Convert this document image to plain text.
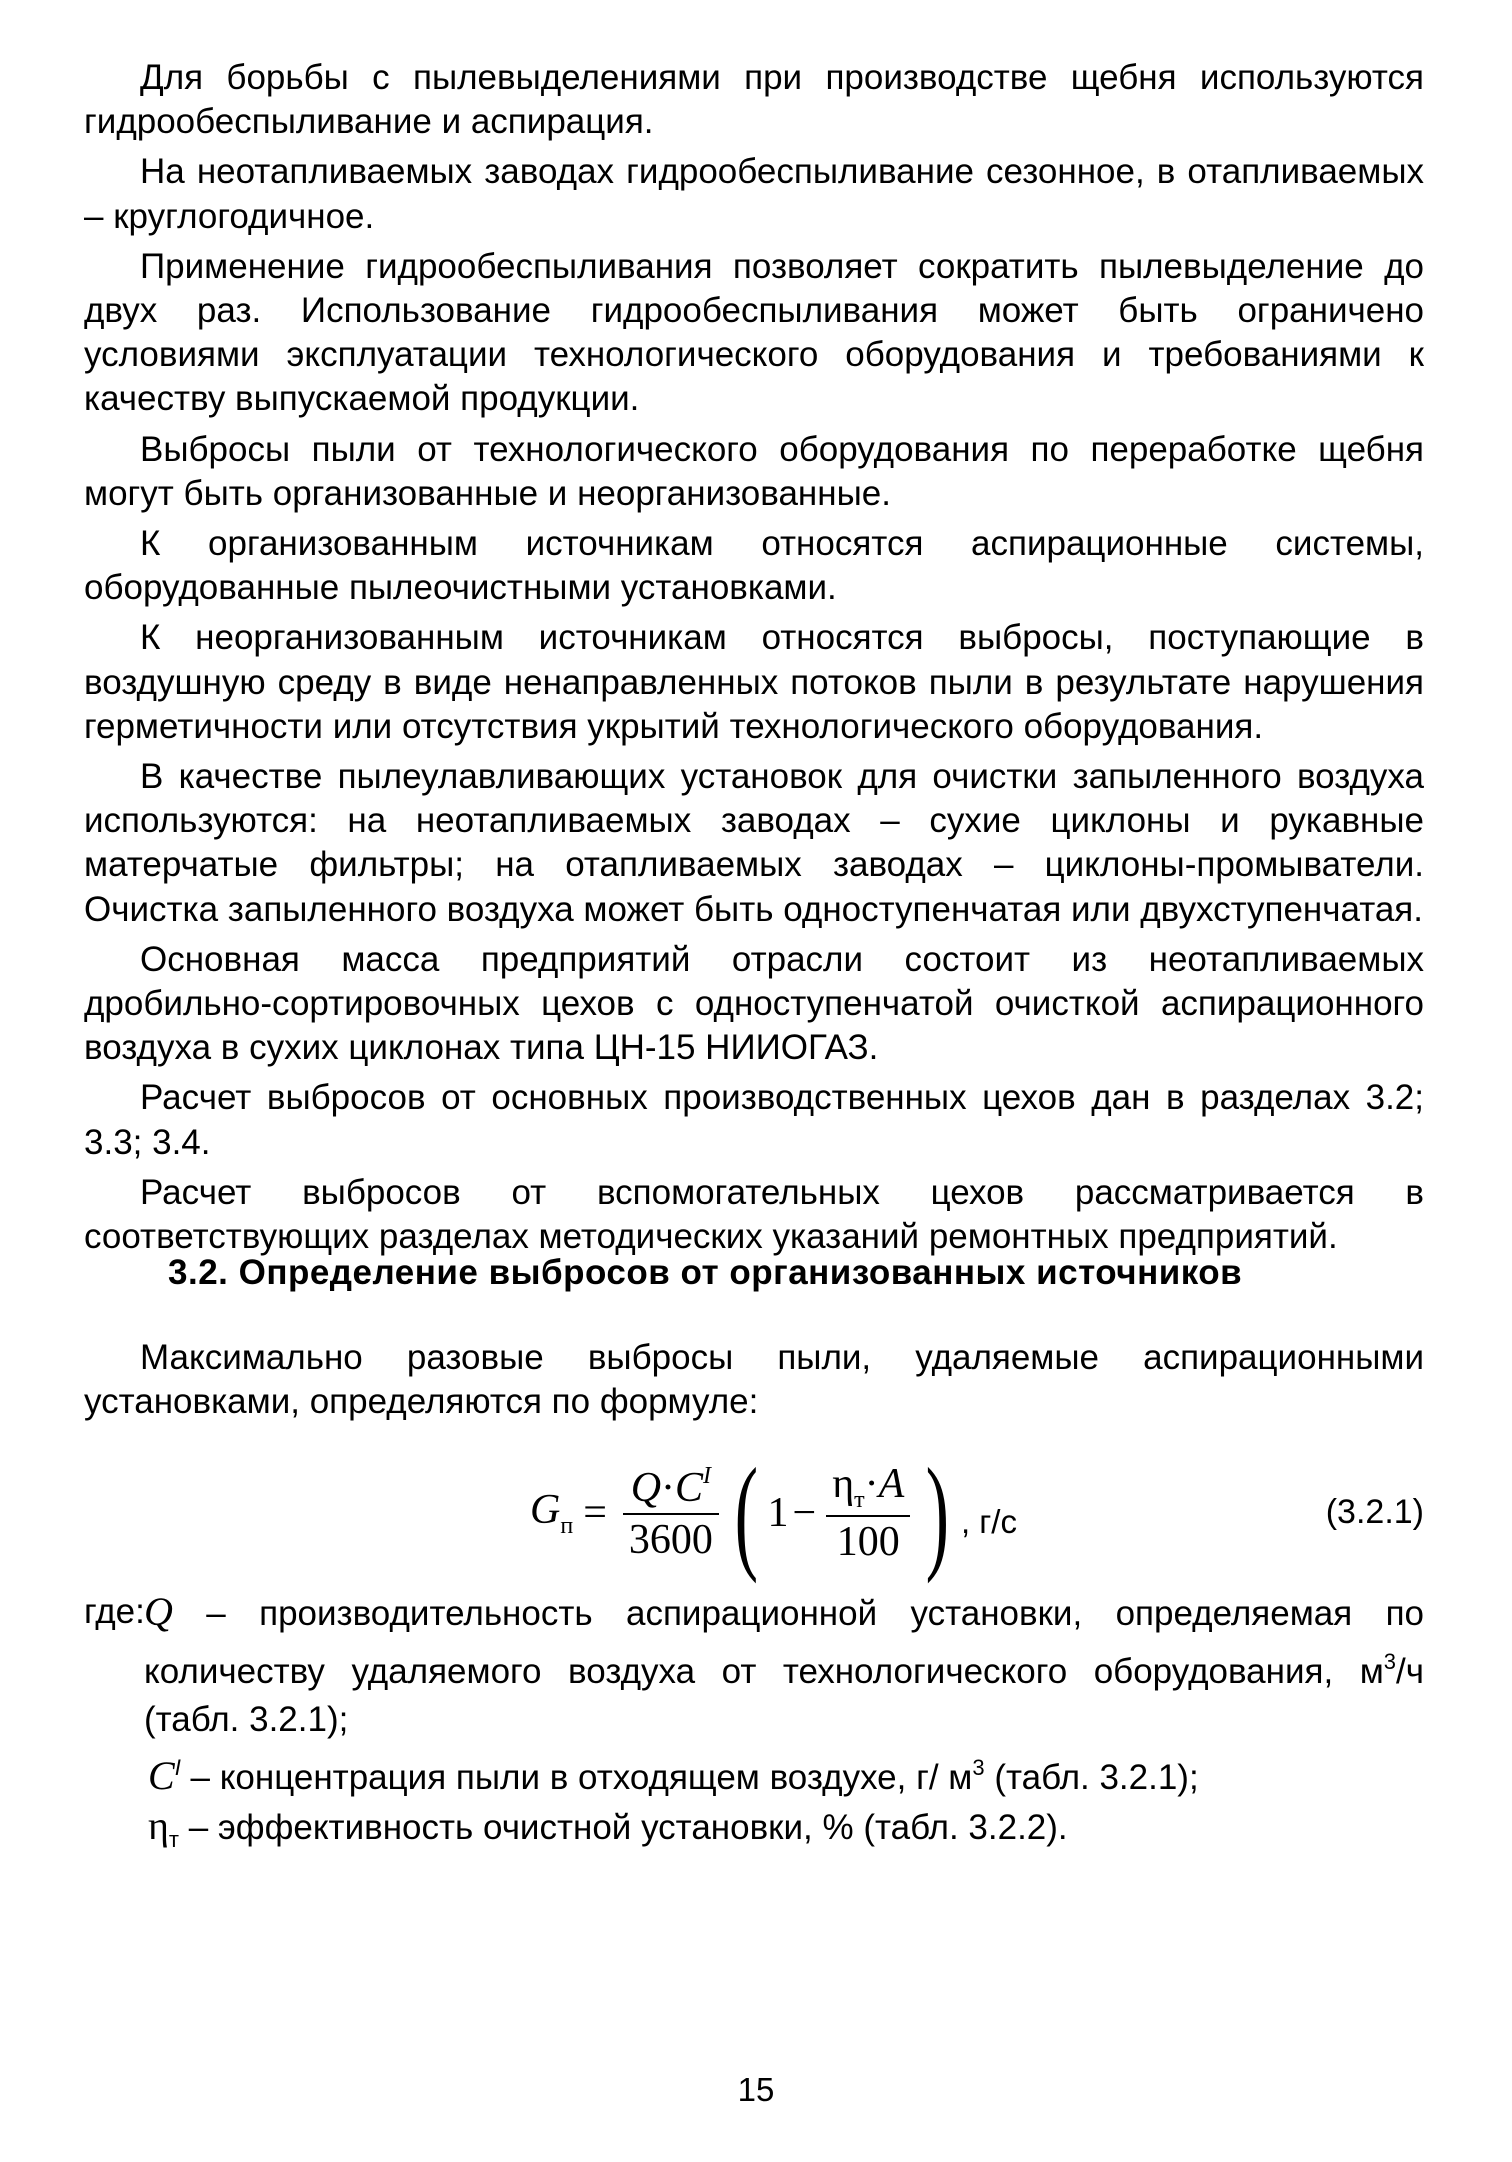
Для борьбы с пылевыделениями при производстве щебня используются гидрообеспыливание и аспирация.

На неотапливаемых заводах гидрообеспыливание сезонное, в отапливаемых – круглогодичное.

Применение гидрообеспыливания позволяет сократить пылевыделение до двух раз. Использование гидрообеспыливания может быть ограничено условиями эксплуатации технологического оборудования и требованиями к качеству выпускаемой продукции.

Выбросы пыли от технологического оборудования по переработке щебня могут быть организованные и неорганизованные.

К организованным источникам относятся аспирационные системы, оборудованные пылеочистными установками.

К неорганизованным источникам относятся выбросы, поступающие в воздушную среду в виде ненаправленных потоков пыли в результате нарушения герметичности или отсутствия укрытий технологического оборудования.

В качестве пылеулавливающих установок для очистки запыленного воздуха используются: на неотапливаемых заводах – сухие циклоны и рукавные матерчатые фильтры; на отапливаемых заводах – циклоны-промыватели. Очистка запыленного воздуха может быть одноступенчатая или двухступенчатая.

Основная масса предприятий отрасли состоит из неотапливаемых дробильно-сортировочных цехов с одноступенчатой очисткой аспирационного воздуха в сухих циклонах типа ЦН-15 НИИОГАЗ.

Расчет выбросов от основных производственных цехов дан в разделах 3.2; 3.3; 3.4.

Расчет выбросов от вспомогательных цехов рассматривается в соответствующих разделах методических указаний ремонтных предприятий.

3.2. Определение выбросов от организованных источников

Максимально разовые выбросы пыли, удаляемые аспирационными установками, определяются по формуле:

$G_п = \frac{Q\cdot C^I}{3600}$ ( $1 - \frac{\eta_т\cdot A}{100}$ ) , г/с	(3.2.1)
где: Q – производительность аспирационной установки, определяемая по количеству удаляемого воздуха от технологического оборудования, $м^3/ч$ (табл. 3.2.1);
$C^I$ – концентрация пыли в отходящем воздухе, г/ $м^3$ (табл. 3.2.1);
$\eta_т$ – эффективность очистной установки, % (табл. 3.2.2).
15
